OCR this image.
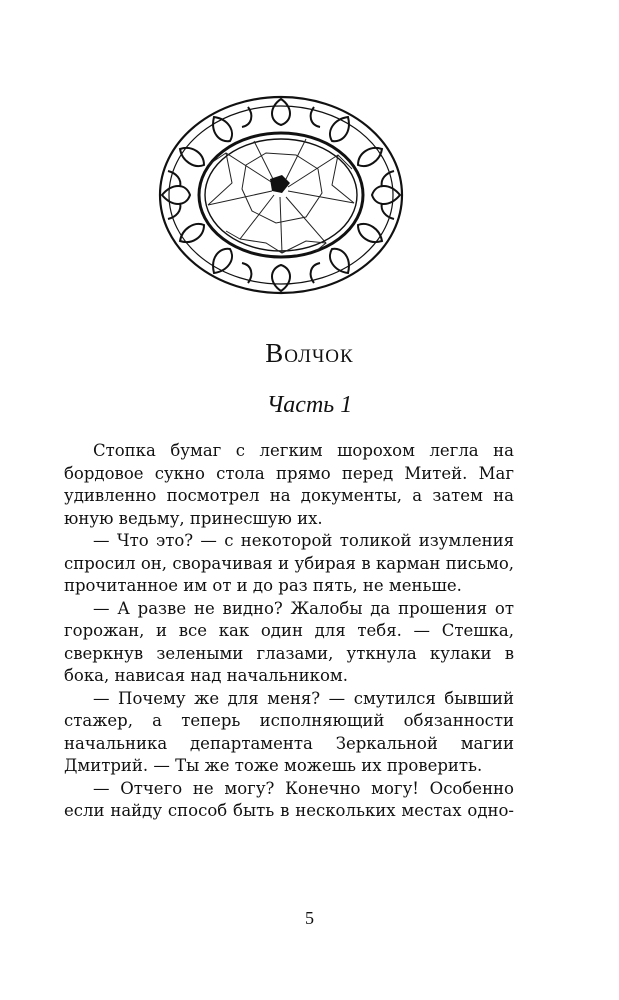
Волчок
Часть 1

Стопка бумаг с легким шорохом легла на бордовое сукно стола прямо перед Митей. Маг удивленно посмотрел на документы, а затем на юную ведьму, принесшую их.

— Что это? — с некоторой толикой изумления спросил он, сворачивая и убирая в карман письмо, прочитанное им от и до раз пять, не меньше.

— А разве не видно? Жалобы да прошения от горожан, и все как один для тебя. — Стешка, сверкнув зелеными глазами, уткнула кулаки в бока, нависая над начальником.

— Почему же для меня? — смутился бывший стажер, а теперь исполняющий обязанности начальника департамента Зеркальной магии Дмитрий. — Ты же тоже можешь их проверить.

— Отчего не могу? Конечно могу! Особенно если найду способ быть в нескольких местах одно-

5
